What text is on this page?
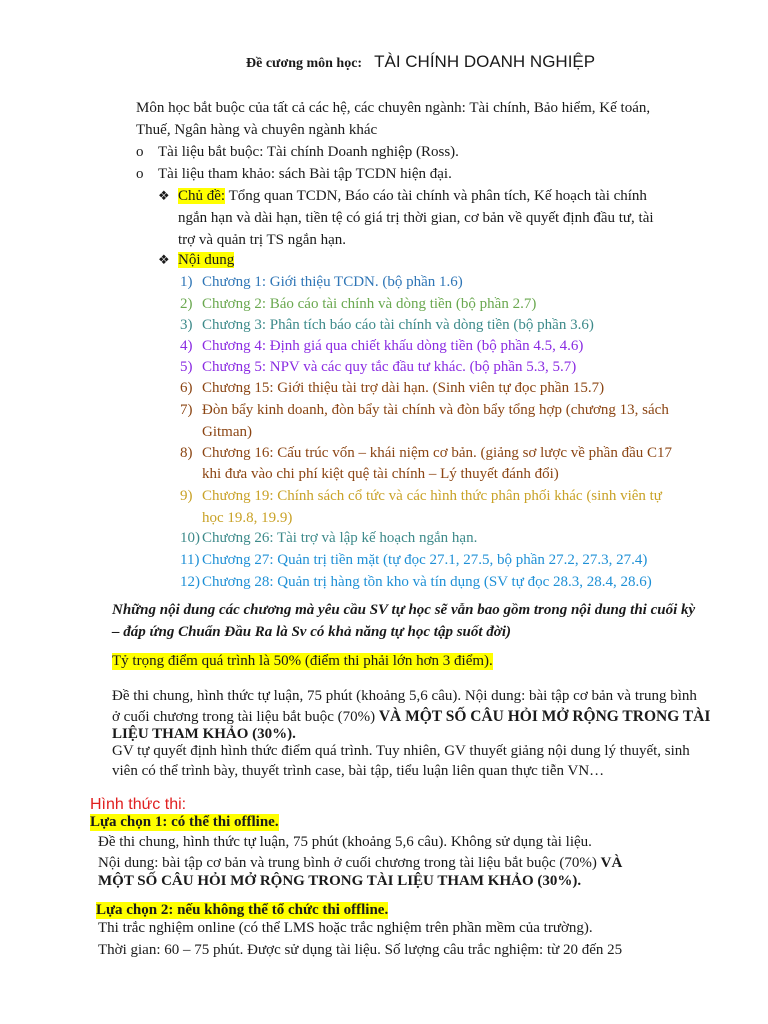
Đề cương môn học: TÀI CHÍNH DOANH NGHIỆP
Môn học bắt buộc của tất cả các hệ, các chuyên ngành: Tài chính, Bảo hiểm, Kế toán,
Thuế, Ngân hàng và chuyên ngành khác
o Tài liệu bắt buộc: Tài chính Doanh nghiệp (Ross).
o Tài liệu tham khảo: sách Bài tập TCDN hiện đại.
❖ Chủ đề: Tổng quan TCDN, Báo cáo tài chính và phân tích, Kế hoạch tài chính
ngắn hạn và dài hạn, tiền tệ có giá trị thời gian, cơ bản về quyết định đầu tư, tài
trợ và quản trị TS ngắn hạn.
❖ Nội dung
1) Chương 1: Giới thiệu TCDN. (bộ phần 1.6)
2) Chương 2: Báo cáo tài chính và dòng tiền (bộ phần 2.7)
3) Chương 3: Phân tích báo cáo tài chính và dòng tiền (bộ phần 3.6)
4) Chương 4: Định giá qua chiết khấu dòng tiền (bộ phần 4.5, 4.6)
5) Chương 5: NPV và các quy tắc đầu tư khác. (bộ phần 5.3, 5.7)
6) Chương 15: Giới thiệu tài trợ dài hạn. (Sinh viên tự đọc phần 15.7)
7) Đòn bẩy kinh doanh, đòn bẩy tài chính và đòn bẩy tổng hợp (chương 13, sách
Gitman)
8) Chương 16: Cấu trúc vốn – khái niệm cơ bản. (giảng sơ lược về phần đầu C17
khi đưa vào chi phí kiệt quệ tài chính – Lý thuyết đánh đổi)
9) Chương 19: Chính sách cổ tức và các hình thức phân phối khác (sinh viên tự
học 19.8, 19.9)
10) Chương 26: Tài trợ và lập kế hoạch ngắn hạn.
11) Chương 27: Quản trị tiền mặt (tự đọc 27.1, 27.5, bộ phần 27.2, 27.3, 27.4)
12) Chương 28: Quản trị hàng tồn kho và tín dụng (SV tự đọc 28.3, 28.4, 28.6)
Những nội dung các chương mà yêu cầu SV tự học sẽ vẫn bao gồm trong nội dung thi cuối kỳ
– đáp ứng Chuẩn Đầu Ra là Sv có khả năng tự học tập suốt đời)
Tỷ trọng điểm quá trình là 50% (điểm thi phải lớn hơn 3 điểm).
Đề thi chung, hình thức tự luận, 75 phút (khoảng 5,6 câu). Nội dung: bài tập cơ bản và trung bình
ở cuối chương trong tài liệu bắt buộc (70%) VÀ MỘT SỐ CÂU HỎI MỞ RỘNG TRONG TÀI
LIỆU THAM KHẢO (30%).
GV tự quyết định hình thức điểm quá trình. Tuy nhiên, GV thuyết giảng nội dung lý thuyết, sinh
viên có thể trình bày, thuyết trình case, bài tập, tiểu luận liên quan thực tiễn VN…
Hình thức thi:
Lựa chọn 1: có thể thi offline.
Đề thi chung, hình thức tự luận, 75 phút (khoảng 5,6 câu). Không sử dụng tài liệu.
Nội dung: bài tập cơ bản và trung bình ở cuối chương trong tài liệu bắt buộc (70%) VÀ
MỘT SỐ CÂU HỎI MỞ RỘNG TRONG TÀI LIỆU THAM KHẢO (30%).
Lựa chọn 2: nếu không thể tổ chức thi offline.
Thi trắc nghiệm online (có thể LMS hoặc trắc nghiệm trên phần mềm của trường).
Thời gian: 60 – 75 phút. Được sử dụng tài liệu. Số lượng câu trắc nghiệm: từ 20 đến 25
